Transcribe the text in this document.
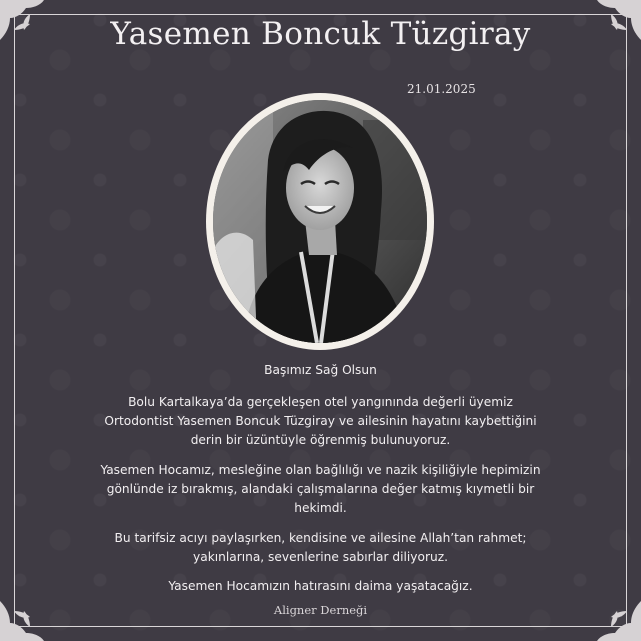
Yasemen Boncuk Tüzgiray
21.01.2025
Başımız Sağ Olsun
Bolu Kartalkaya’da gerçekleşen otel yangınında değerli üyemiz Ortodontist Yasemen Boncuk Tüzgiray ve ailesinin hayatını kaybettiğini derin bir üzüntüyle öğrenmiş bulunuyoruz.
Yasemen Hocamız, mesleğine olan bağlılığı ve nazik kişiliğiyle hepimizin gönlünde iz bırakmış, alandaki çalışmalarına değer katmış kıymetli bir hekimdi.
Bu tarifsiz acıyı paylaşırken, kendisine ve ailesine Allah’tan rahmet; yakınlarına, sevenlerine sabırlar diliyoruz.
Yasemen Hocamızın hatırasını daima yaşatacağız.
Aligner Derneği
